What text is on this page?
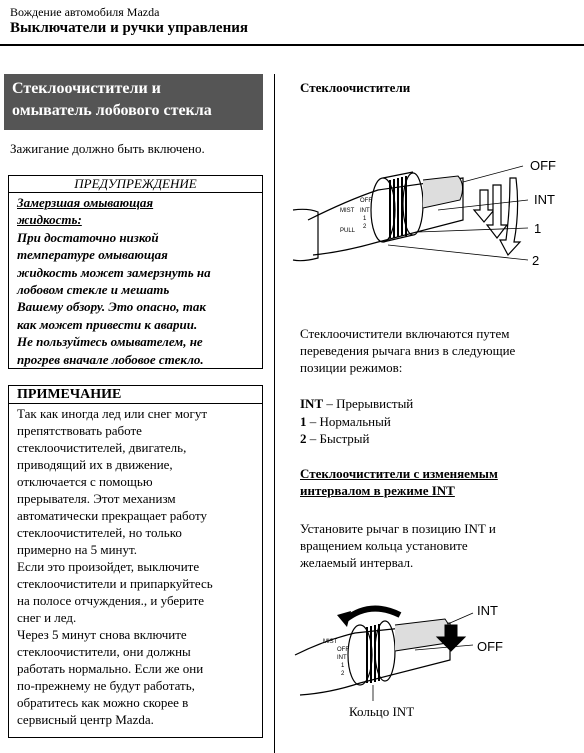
Вождение автомобиля Mazda
Выключатели и ручки управления
Стеклоочистители и
омыватель лобового стекла
Зажигание должно быть включено.
ПРЕДУПРЕЖДЕНИЕ
Замерзшая омывающая
жидкость:
При достаточно низкой
температуре омывающая
жидкость может замерзнуть на
лобовом стекле и мешать
Вашему обзору. Это опасно, так
как может привести к аварии.
Не пользуйтесь омывателем, не
прогрев вначале лобовое стекло.
ПРИМЕЧАНИЕ

Так как иногда лед или снег могут

препятствовать работе

стеклоочистителей, двигатель,

приводящий их в движение,

отключается с помощью

прерывателя. Этот механизм

автоматически прекращает работу

стеклоочистителей, но только

примерно на 5 минут.

Если это произойдет, выключите

стеклоочистители и припаркуйтесь

на полосе отчуждения., и уберите

снег и лед.

Через 5 минут снова включите

стеклоочистители, они должны

работать нормально. Если же они

по-прежнему не будут работать,

обратитесь как можно скорее в

сервисный центр Mazda.

Стеклоочистители
MIST
OFF
INT
1
2
PULL
OFF
INT
1
2
Стеклоочистители включаются путем
переведения рычага вниз в следующие
позиции режимов:
INT – Прерывистый
1 – Нормальный
2 – Быстрый
Стеклоочистители с изменяемым
интервалом в режиме INT
Установите рычаг в позицию INT и
вращением кольца установите
желаемый интервал.
MIST
OFF
INT
1
2
INT
OFF
Кольцо INT
